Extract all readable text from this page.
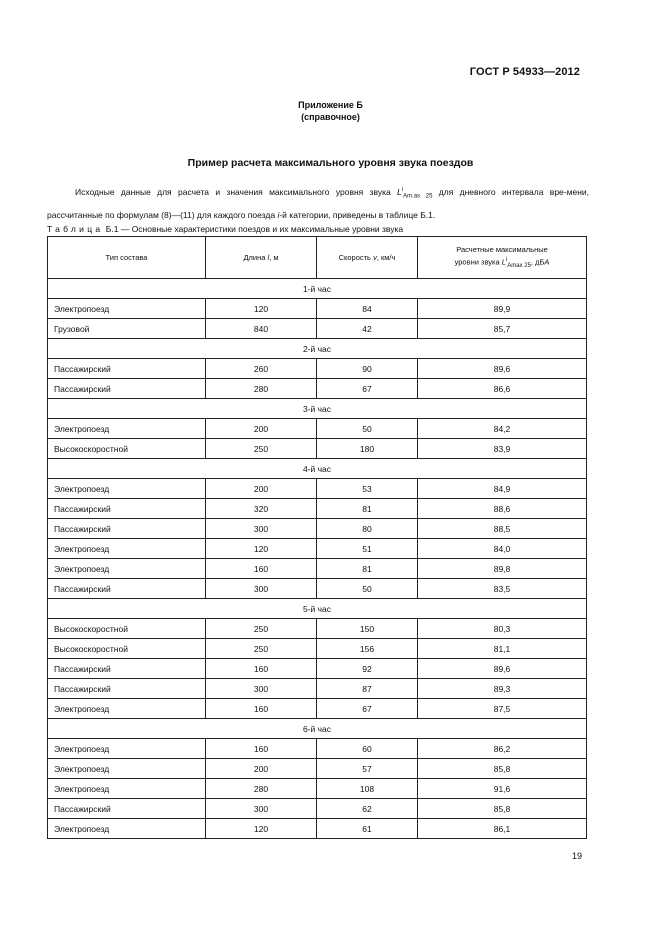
ГОСТ Р 54933—2012
Приложение Б
(справочное)
Пример расчета максимального уровня звука поездов

Исходные данные для расчета и значения максимального уровня звука $L^i_{Am.as 25}$ для дневного интервала вре-мени, рассчитанные по формулам (8)—(11) для каждого поезда i-й категории, приведены в таблице Б.1.

Таблица Б.1 — Основные характеристики поездов и их максимальные уровни звука
Тип состава	Длина l, м	Скорость v, км/ч	Расчетные максимальные
уровни звука $L^i_{Amax 25}$, дБА
1-й час			
Электропоезд	120	84	89,9
Грузовой	840	42	85,7
2-й час			
Пассажирский	260	90	89,6
Пассажирский	280	67	86,6
3-й час			
Электропоезд	200	50	84,2
Высокоскоростной	250	180	83,9
4-й час			
Электропоезд	200	53	84,9
Пассажирский	320	81	88,6
Пассажирский	300	80	88,5
Электропоезд	120	51	84,0
Электропоезд	160	81	89,8
Пассажирский	300	50	83,5
5-й час			
Высокоскоростной	250	150	80,3
Высокоскоростной	250	156	81,1
Пассажирский	160	92	89,6
Пассажирский	300	87	89,3
Электропоезд	160	67	87,5
6-й час			
Электропоезд	160	60	86,2
Электропоезд	200	57	85,8
Электропоезд	280	108	91,6
Пассажирский	300	62	85,8
Электропоезд	120	61	86,1
19
